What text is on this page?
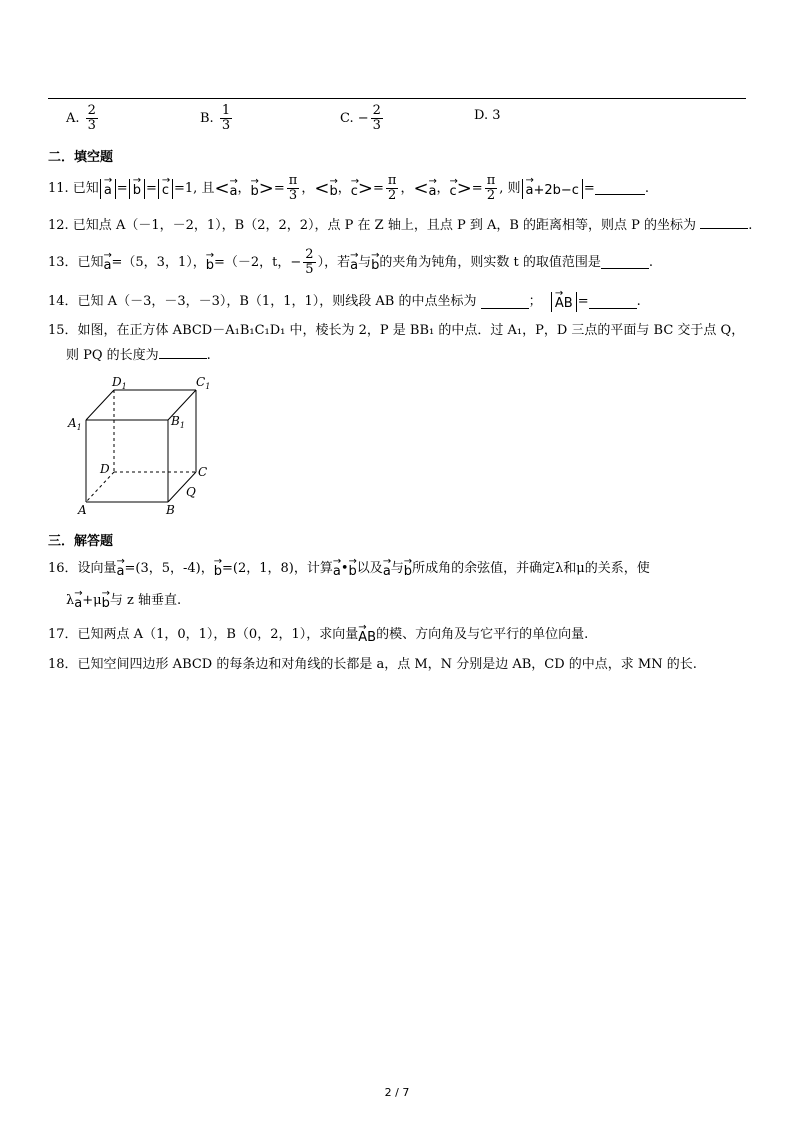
A.
$\frac{2}{3}$	B.
$\frac{1}{3}$	C.
− $\frac{2}{3}$	D.
3
二．填空题
11. 已知 → a = → b = → c =1, 且 < → a ， → b > = $\frac{\pi}{3}$ ， < → b ， → c > = $\frac{\pi}{2}$ ， < → a ， → c > = $\frac{\pi}{2}$ , 则 → a+2b−c =	.
12. 已知点 A（－1，－2，1），B（2，2，2），点 P 在 Z 轴上，且点 P 到 A，B 的距离相等，则点 P 的坐标为	.
13．已知 → a =（5，3，1）， → b =（－2，t， − $\frac{2}{5}$ ），若 → a 与 → b 的夹角为钝角，则实数 t 的取值范围是	.
14．已知 A（－3，－3，－3），B（1，1，1），则线段 AB 的中点坐标为
	；
	→ AB =	.
15．如图，在正方体 ABCD－A₁B₁C₁D₁ 中，棱长为 2，P 是 BB₁ 的中点．过 A₁，P，D 三点的平面与 BC 交于点 Q，
则 PQ 的长度为	.
$D_1$	$C_1$
$A_1$	$B_1$
D	C
Q
A	B
三．解答题
16．设向量 → a =(3，5，-4)， → b =(2，1，8)，计算 → a • → b 以及 → a 与 → b 所成角的余弦值，并确定λ和μ的关系，使
λ → a +μ → b 与 z 轴垂直.
17．已知两点 A（1，0，1），B（0，2，1），求向量 → AB 的模、方向角及与它平行的单位向量.
18．已知空间四边形 ABCD 的每条边和对角线的长都是 a，点 M，N 分别是边 AB，CD 的中点，求 MN 的长.
2 / 7
